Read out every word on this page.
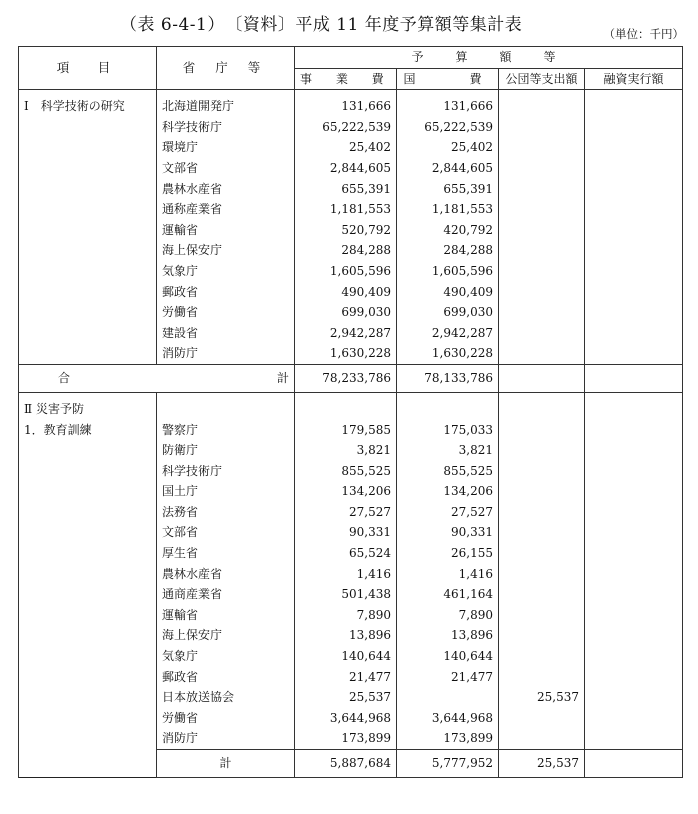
（表 6-4-1）　〔資料〕平成 11 年度予算額等集計表	（単位：千円）
項　目	省 庁 等	予　算　額　等			
		事 業 費	国　　費	公団等支出額	融資実行額

Ⅰ　科学技術の研究	北海道開発庁	131,666	131,666		
	科学技術庁	65,222,539	65,222,539		
	環境庁	25,402	25,402		
	文部省	2,844,605	2,844,605		
	農林水産省	655,391	655,391		
	通称産業省	1,181,553	1,181,553		
	運輸省	520,792	420,792		
	海上保安庁	284,288	284,288		
	気象庁	1,605,596	1,605,596		
	郵政省	490,409	490,409		
	労働省	699,030	699,030		
	建設省	2,942,287	2,942,287		
	消防庁	1,630,228	1,630,228		
合 計		78,233,786	78,133,786		

Ⅱ 災害予防					
1．教育訓練	警察庁	179,585	175,033		
	防衛庁	3,821	3,821		
	科学技術庁	855,525	855,525		
	国土庁	134,206	134,206		
	法務省	27,527	27,527		
	文部省	90,331	90,331		
	厚生省	65,524	26,155		
	農林水産省	1,416	1,416		
	通商産業省	501,438	461,164		
	運輸省	7,890	7,890		
	海上保安庁	13,896	13,896		
	気象庁	140,644	140,644		
	郵政省	21,477	21,477		
	日本放送協会	25,537		25,537	
	労働省	3,644,968	3,644,968		
	消防庁	173,899	173,899		
	計	5,887,684	5,777,952	25,537	
